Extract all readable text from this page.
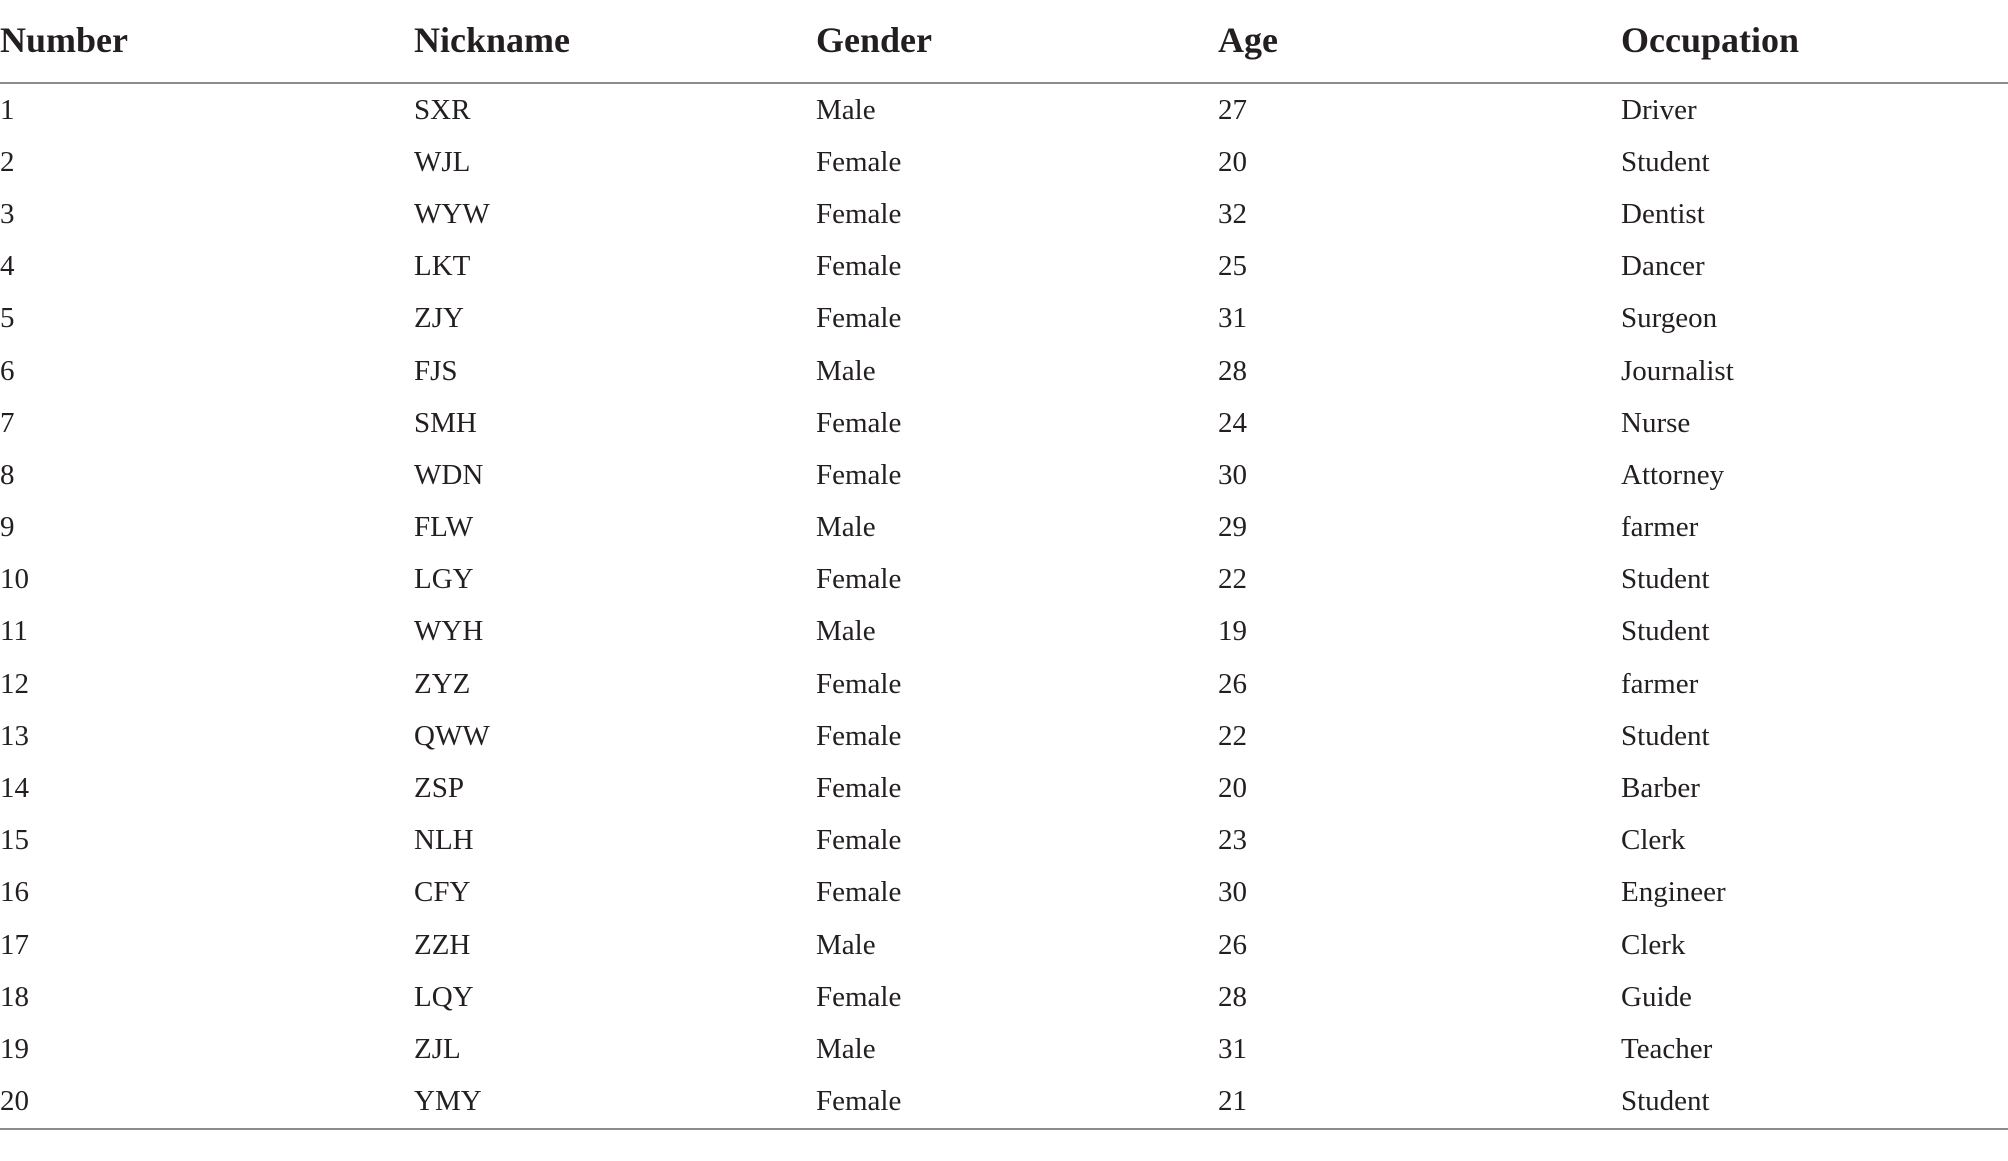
Number	Nickname	Gender	Age	Occupation
1	SXR	Male	27	Driver
2	WJL	Female	20	Student
3	WYW	Female	32	Dentist
4	LKT	Female	25	Dancer
5	ZJY	Female	31	Surgeon
6	FJS	Male	28	Journalist
7	SMH	Female	24	Nurse
8	WDN	Female	30	Attorney
9	FLW	Male	29	farmer
10	LGY	Female	22	Student
11	WYH	Male	19	Student
12	ZYZ	Female	26	farmer
13	QWW	Female	22	Student
14	ZSP	Female	20	Barber
15	NLH	Female	23	Clerk
16	CFY	Female	30	Engineer
17	ZZH	Male	26	Clerk
18	LQY	Female	28	Guide
19	ZJL	Male	31	Teacher
20	YMY	Female	21	Student
